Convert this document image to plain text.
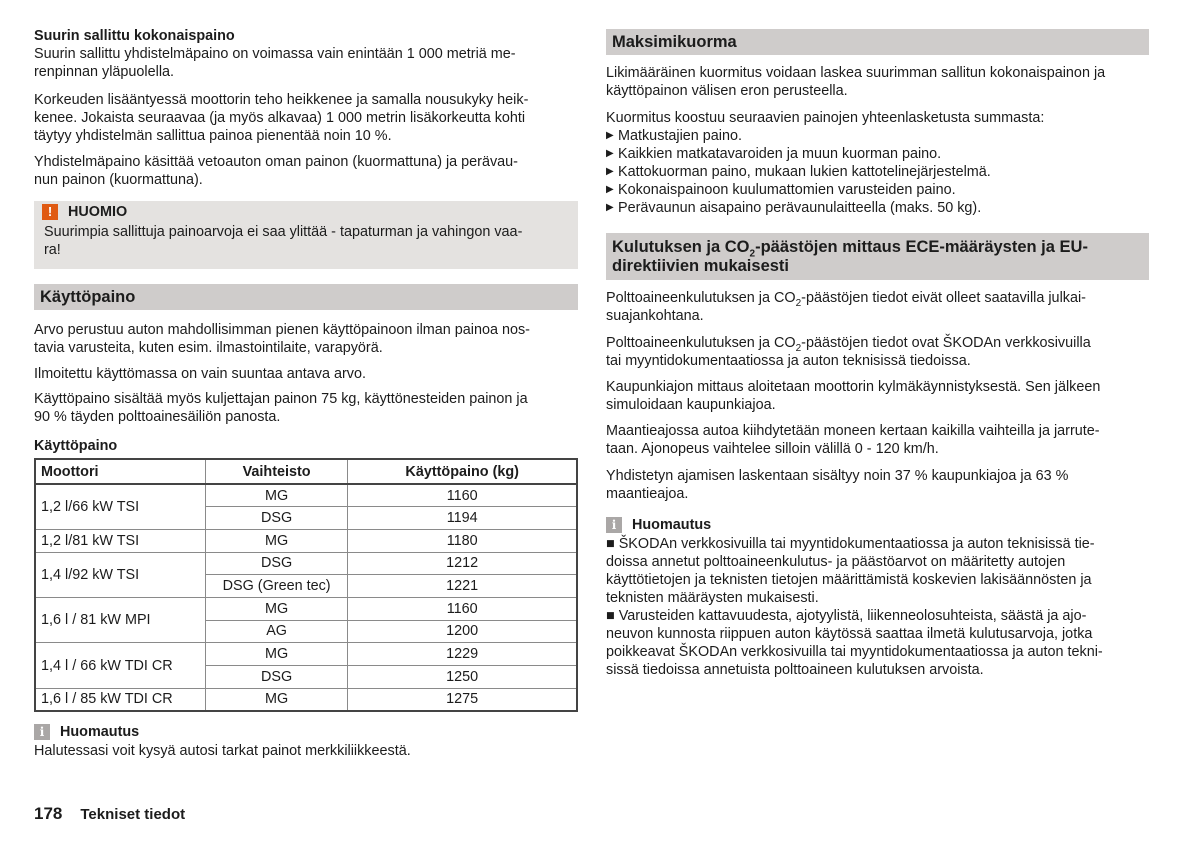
Suurin sallittu kokonaispaino

Suurin sallittu yhdistelmäpaino on voimassa vain enintään 1 000 metriä me-
renpinnan yläpuolella.

Korkeuden lisääntyessä moottorin teho heikkenee ja samalla nousukyky heik-
kenee. Jokaista seuraavaa (ja myös alkavaa) 1 000 metrin lisäkorkeutta kohti
täytyy yhdistelmän sallittua painoa pienentää noin 10 %.

Yhdistelmäpaino käsittää vetoauton oman painon (kuormattuna) ja perävau-
nun painon (kuormattuna).

!	HUOMIO

Suurimpia sallittuja painoarvoja ei saa ylittää - tapaturman ja vahingon vaa-
ra!

Käyttöpaino

Arvo perustuu auton mahdollisimman pienen käyttöpainoon ilman painoa nos-
tavia varusteita, kuten esim. ilmastointilaite, varapyörä.

Ilmoitettu käyttömassa on vain suuntaa antava arvo.

Käyttöpaino sisältää myös kuljettajan painon 75 kg, käyttönesteiden painon ja
90 % täyden polttoainesäiliön panosta.

Käyttöpaino
Moottori	Vaihteisto	Käyttöpaino (kg)
1,2 l/66 kW TSI	MG	1160
	DSG	1194
1,2 l/81 kW TSI	MG	1180
1,4 l/92 kW TSI	DSG	1212
	DSG (Green tec)	1221
1,6 l / 81 kW MPI	MG	1160
	AG	1200
1,4 l / 66 kW TDI CR	MG	1229
	DSG	1250
1,6 l / 85 kW TDI CR	MG	1275
i	Huomautus

Halutessasi voit kysyä autosi tarkat painot merkkiliikkeestä.

Maksimikuorma

Likimääräinen kuormitus voidaan laskea suurimman sallitun kokonaispainon ja
käyttöpainon välisen eron perusteella.

Kuormitus koostuu seuraavien painojen yhteenlasketusta summasta:

▶ Matkustajien paino.
▶ Kaikkien matkatavaroiden ja muun kuorman paino.
▶ Kattokuorman paino, mukaan lukien kattotelinejärjestelmä.
▶ Kokonaispainoon kuulumattomien varusteiden paino.
▶ Perävaunun aisapaino perävaunulaitteella (maks. 50 kg).
Kulutuksen ja $CO_2$-päästöjen mittaus ECE-määräysten ja EU-
direktiivien mukaisesti
Polttoaineenkulutuksen ja $CO_2$-päästöjen tiedot eivät olleet saatavilla julkai-
suajankohtana.
Polttoaineenkulutuksen ja $CO_2$-päästöjen tiedot ovat ŠKODAn verkkosivuilla
tai myyntidokumentaatiossa ja auton teknisissä tiedoissa.

Kaupunkiajon mittaus aloitetaan moottorin kylmäkäynnistyksestä. Sen jälkeen
simuloidaan kaupunkiajoa.

Maantieajossa autoa kiihdytetään moneen kertaan kaikilla vaihteilla ja jarrute-
taan. Ajonopeus vaihtelee silloin välillä 0 - 120 km/h.

Yhdistetyn ajamisen laskentaan sisältyy noin 37 % kaupunkiajoa ja 63 %
maantieajoa.

i	Huomautus

■ ŠKODAn verkkosivuilla tai myyntidokumentaatiossa ja auton teknisissä tie-
doissa annetut polttoaineenkulutus- ja päästöarvot on määritetty autojen
käyttötietojen ja teknisten tietojen määrittämistä koskevien lakisäännösten ja
teknisten määräysten mukaisesti.

■ Varusteiden kattavuudesta, ajotyylistä, liikenneolosuhteista, säästä ja ajo-
neuvon kunnosta riippuen auton käytössä saattaa ilmetä kulutusarvoja, jotka
poikkeavat ŠKODAn verkkosivuilla tai myyntidokumentaatiossa ja auton tekni-
sissä tiedoissa annetuista polttoaineen kulutuksen arvoista.

178 Tekniset tiedot
